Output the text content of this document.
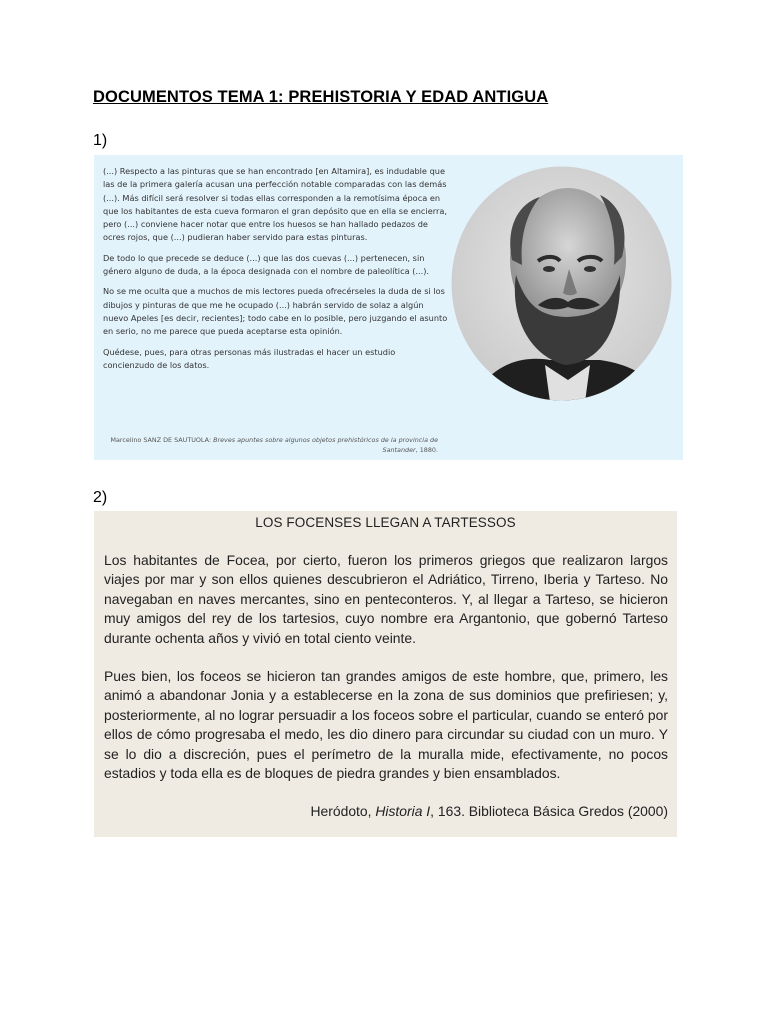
DOCUMENTOS TEMA 1: PREHISTORIA Y EDAD ANTIGUA
1)

(...) Respecto a las pinturas que se han encontrado [en Altamira], es indudable que las de la primera galería acusan una perfección notable comparadas con las demás (...). Más difícil será resolver si todas ellas corresponden a la remotísima época en que los habitantes de esta cueva formaron el gran depósito que en ella se encierra, pero (...) conviene hacer notar que entre los huesos se han hallado pedazos de ocres rojos, que (...) pudieran haber servido para estas pinturas.

De todo lo que precede se deduce (...) que las dos cuevas (...) pertenecen, sin género alguno de duda, a la época designada con el nombre de paleolítica (...).

No se me oculta que a muchos de mis lectores pueda ofrecérseles la duda de si los dibujos y pinturas de que me he ocupado (...) habrán servido de solaz a algún nuevo Apeles [es decir, recientes]; todo cabe en lo posible, pero juzgando el asunto en serio, no me parece que pueda aceptarse esta opinión.

Quédese, pues, para otras personas más ilustradas el hacer un estudio concienzudo de los datos.

Marcelino SANZ DE SAUTUOLA: Breves apuntes sobre algunos objetos prehistóricos de la provincia de Santander, 1880.
2)
LOS FOCENSES LLEGAN A TARTESSOS

Los habitantes de Focea, por cierto, fueron los primeros griegos que realizaron largos viajes por mar y son ellos quienes descubrieron el Adriático, Tirreno, Iberia y Tarteso. No navegaban en naves mercantes, sino en penteconteros. Y, al llegar a Tarteso, se hicieron muy amigos del rey de los tartesios, cuyo nombre era Argantonio, que gobernó Tarteso durante ochenta años y vivió en total ciento veinte.

Pues bien, los foceos se hicieron tan grandes amigos de este hombre, que, primero, les animó a abandonar Jonia y a establecerse en la zona de sus dominios que prefiriesen; y, posteriormente, al no lograr persuadir a los foceos sobre el particular, cuando se enteró por ellos de cómo progresaba el medo, les dio dinero para circundar su ciudad con un muro. Y se lo dio a discreción, pues el perímetro de la muralla mide, efectivamente, no pocos estadios y toda ella es de bloques de piedra grandes y bien ensamblados.

Heródoto, Historia I, 163. Biblioteca Básica Gredos (2000)
